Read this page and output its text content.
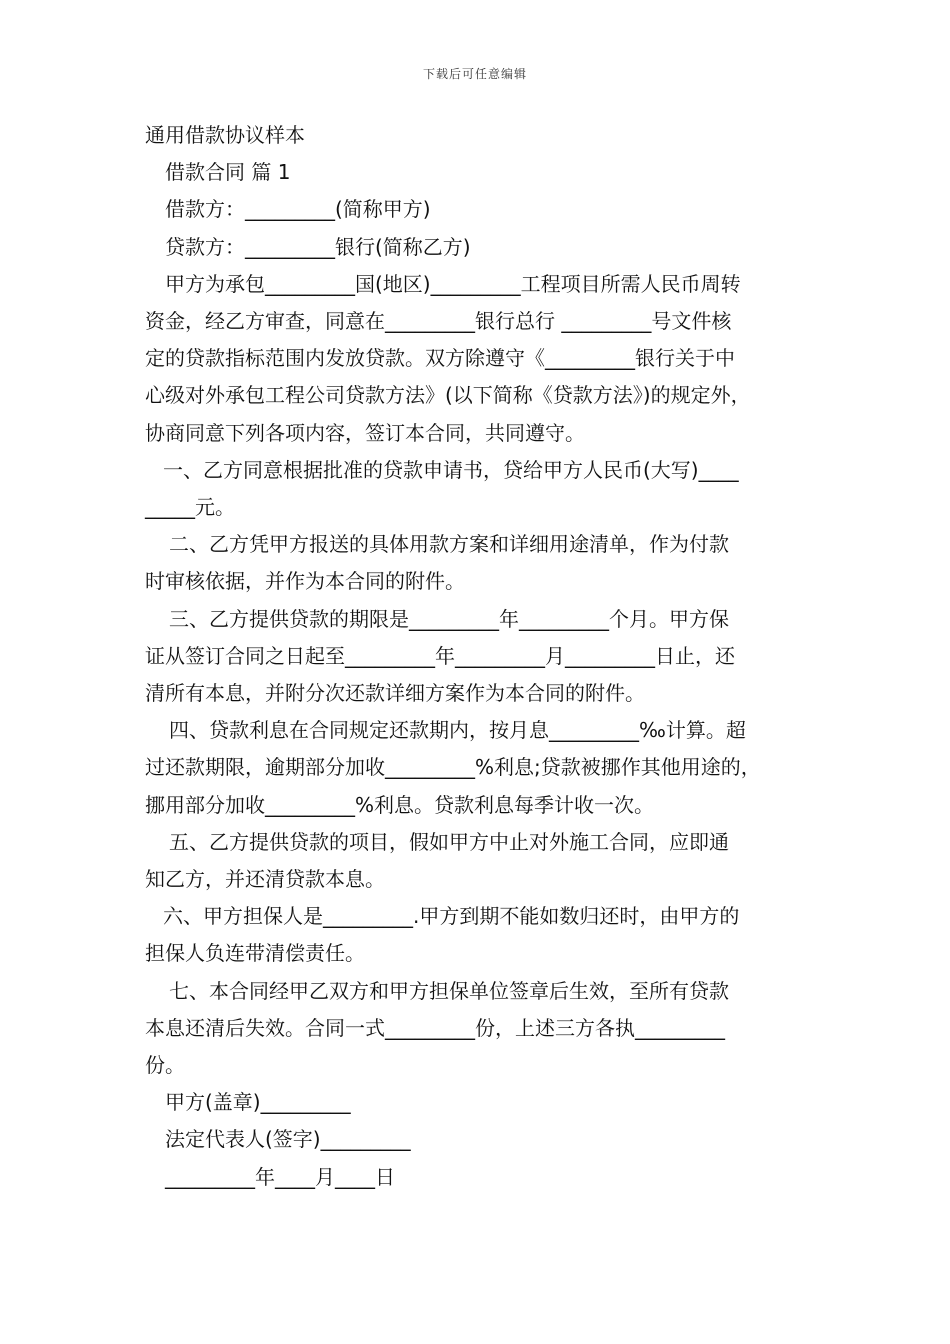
下载后可任意编辑

通用借款协议样本

借款合同 篇 1

借款方：_________(简称甲方)

贷款方：_________银行(简称乙方)

甲方为承包_________国(地区)_________工程项目所需人民币周转

资金，经乙方审查，同意在_________银行总行 _________号文件核

定的贷款指标范围内发放贷款。双方除遵守《_________银行关于中

心级对外承包工程公司贷款方法》(以下简称《贷款方法》)的规定外，

协商同意下列各项内容，签订本合同，共同遵守。

一、乙方同意根据批准的贷款申请书，贷给甲方人民币(大写)____

_____元。

二、乙方凭甲方报送的具体用款方案和详细用途清单，作为付款

时审核依据，并作为本合同的附件。

三、乙方提供贷款的期限是_________年_________个月。甲方保

证从签订合同之日起至_________年_________月_________日止，还

清所有本息，并附分次还款详细方案作为本合同的附件。

四、贷款利息在合同规定还款期内，按月息_________‰计算。超

过还款期限，逾期部分加收_________%利息;贷款被挪作其他用途的，

挪用部分加收_________%利息。贷款利息每季计收一次。

五、乙方提供贷款的项目，假如甲方中止对外施工合同，应即通

知乙方，并还清贷款本息。

六、甲方担保人是_________.甲方到期不能如数归还时，由甲方的

担保人负连带清偿责任。

七、本合同经甲乙双方和甲方担保单位签章后生效，至所有贷款

本息还清后失效。合同一式_________份，上述三方各执_________

份。

甲方(盖章)_________

法定代表人(签字)_________

_________年____月____日
